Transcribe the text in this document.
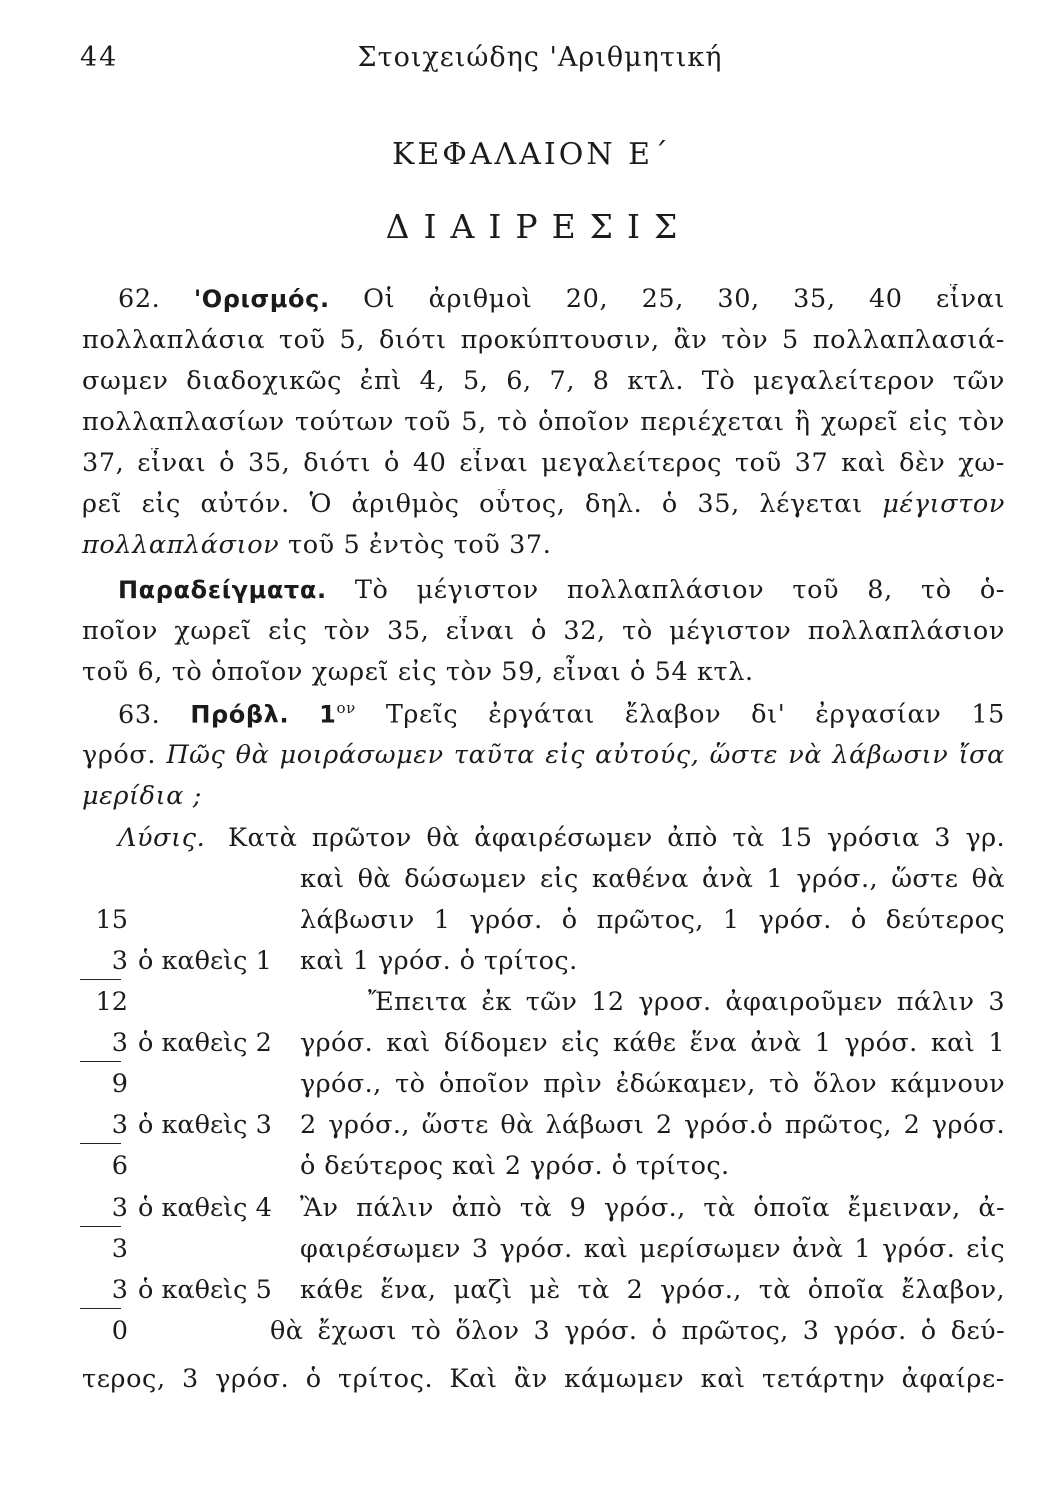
44	Στοιχειώδης 'Αριθμητική
ΚΕΦΑΛΑΙΟΝ Ε΄
ΔΙΑΙΡΕΣΙΣ
62. 'Ορισμός. Οἱ ἀριθμοὶ 20, 25, 30, 35, 40 εἶναι
πολλαπλάσια τοῦ 5, διότι προκύπτουσιν, ἂν τὸν 5 πολλαπλασιά-
σωμεν διαδοχικῶς ἐπὶ 4, 5, 6, 7, 8 κτλ. Τὸ μεγαλείτερον τῶν
πολλαπλασίων τούτων τοῦ 5, τὸ ὁποῖον περιέχεται ἢ χωρεῖ εἰς τὸν
37, εἶναι ὁ 35, διότι ὁ 40 εἶναι μεγαλείτερος τοῦ 37 καὶ δὲν χω-
ρεῖ εἰς αὐτόν. Ὁ ἀριθμὸς οὗτος, δηλ. ὁ 35, λέγεται μέγιστον
πολλαπλάσιον τοῦ 5 ἐντὸς τοῦ 37.
Παραδείγματα. Τὸ μέγιστον πολλαπλάσιον τοῦ 8, τὸ ὁ-
ποῖον χωρεῖ εἰς τὸν 35, εἶναι ὁ 32, τὸ μέγιστον πολλαπλάσιον
τοῦ 6, τὸ ὁποῖον χωρεῖ εἰς τὸν 59, εἶναι ὁ 54 κτλ.
63. Πρόβλ. $1^{o\nu}$ Τρεῖς ἐργάται ἔλαβον δι' ἐργασίαν 15
γρόσ. Πῶς θὰ μοιράσωμεν ταῦτα εἰς αὐτούς, ὥστε νὰ λάβωσιν ἴσα
μερίδια ;
Λύσις. Κατὰ πρῶτον θὰ ἀφαιρέσωμεν ἀπὸ τὰ 15 γρόσια 3 γρ.
καὶ θὰ δώσωμεν εἰς καθένα ἀνὰ 1 γρόσ., ὥστε θὰ
λάβωσιν 1 γρόσ. ὁ πρῶτος, 1 γρόσ. ὁ δεύτερος
καὶ 1 γρόσ. ὁ τρίτος.
Ἔπειτα ἐκ τῶν 12 γροσ. ἀφαιροῦμεν πάλιν 3
γρόσ. καὶ δίδομεν εἰς κάθε ἕνα ἀνὰ 1 γρόσ. καὶ 1
γρόσ., τὸ ὁποῖον πρὶν ἐδώκαμεν, τὸ ὅλον κάμνουν
2 γρόσ., ὥστε θὰ λάβωσι 2 γρόσ.ὁ πρῶτος, 2 γρόσ.
ὁ δεύτερος καὶ 2 γρόσ. ὁ τρίτος.
Ἂν πάλιν ἀπὸ τὰ 9 γρόσ., τὰ ὁποῖα ἔμειναν, ἀ-
φαιρέσωμεν 3 γρόσ. καὶ μερίσωμεν ἀνὰ 1 γρόσ. εἰς
κάθε ἕνα, μαζὶ μὲ τὰ 2 γρόσ., τὰ ὁποῖα ἔλαβον,
θὰ ἔχωσι τὸ ὅλον 3 γρόσ. ὁ πρῶτος, 3 γρόσ. ὁ δεύ-
15
3 ὁ καθεὶς 1
12
3 ὁ καθεὶς 2
9
3 ὁ καθεὶς 3
6
3 ὁ καθεὶς 4
3
3 ὁ καθεὶς 5
0
τερος, 3 γρόσ. ὁ τρίτος. Καὶ ἂν κάμωμεν καὶ τετάρτην ἀφαίρε-
